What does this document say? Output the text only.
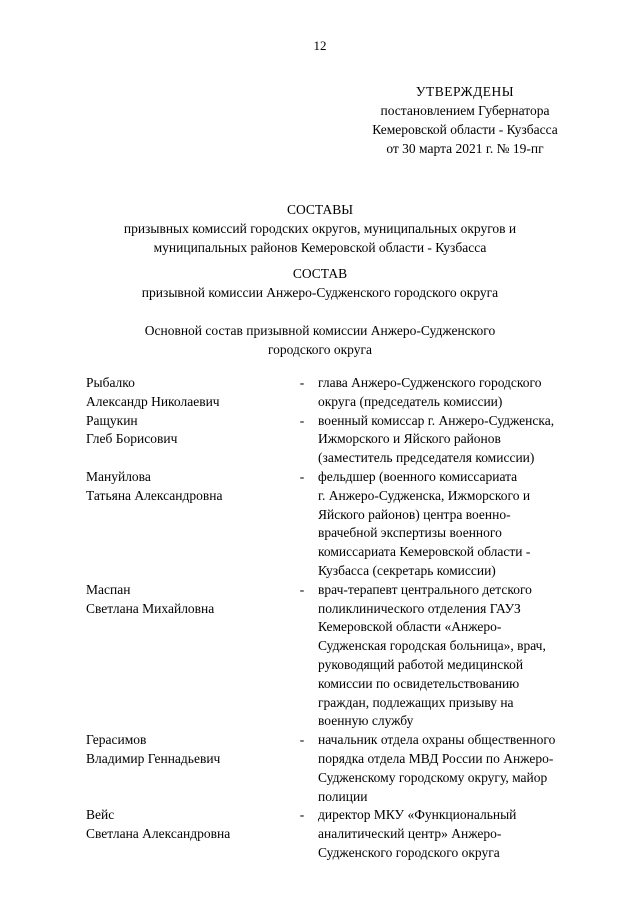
12
УТВЕРЖДЕНЫ
постановлением Губернатора
Кемеровской области - Кузбасса
от 30 марта 2021 г. № 19-пг
СОСТАВЫ
призывных комиссий городских округов, муниципальных округов и
муниципальных районов Кемеровской области - Кузбасса
СОСТАВ
призывной комиссии Анжеро-Судженского городского округа
Основной состав призывной комиссии Анжеро-Судженского
городского округа
Рыбалко
Александр Николаевич
-	глава Анжеро-Судженского городского
округа (председатель комиссии)
Ращукин
Глеб Борисович
-	военный комиссар г. Анжеро-Судженска,
Ижморского и Яйского районов
(заместитель председателя комиссии)
Мануйлова
Татьяна Александровна
-	фельдшер (военного комиссариата
г. Анжеро-Судженска, Ижморского и
Яйского районов) центра военно-
врачебной экспертизы военного
комиссариата Кемеровской области -
Кузбасса (секретарь комиссии)
Маспан
Светлана Михайловна
-	врач-терапевт центрального детского
поликлинического отделения ГАУЗ
Кемеровской области «Анжеро-
Судженская городская больница», врач,
руководящий работой медицинской
комиссии по освидетельствованию
граждан, подлежащих призыву на
военную службу
Герасимов
Владимир Геннадьевич
-	начальник отдела охраны общественного
порядка отдела МВД России по Анжеро-
Судженскому городскому округу, майор
полиции
Вейс
Светлана Александровна
-	директор МКУ «Функциональный
аналитический центр» Анжеро-
Судженского городского округа
